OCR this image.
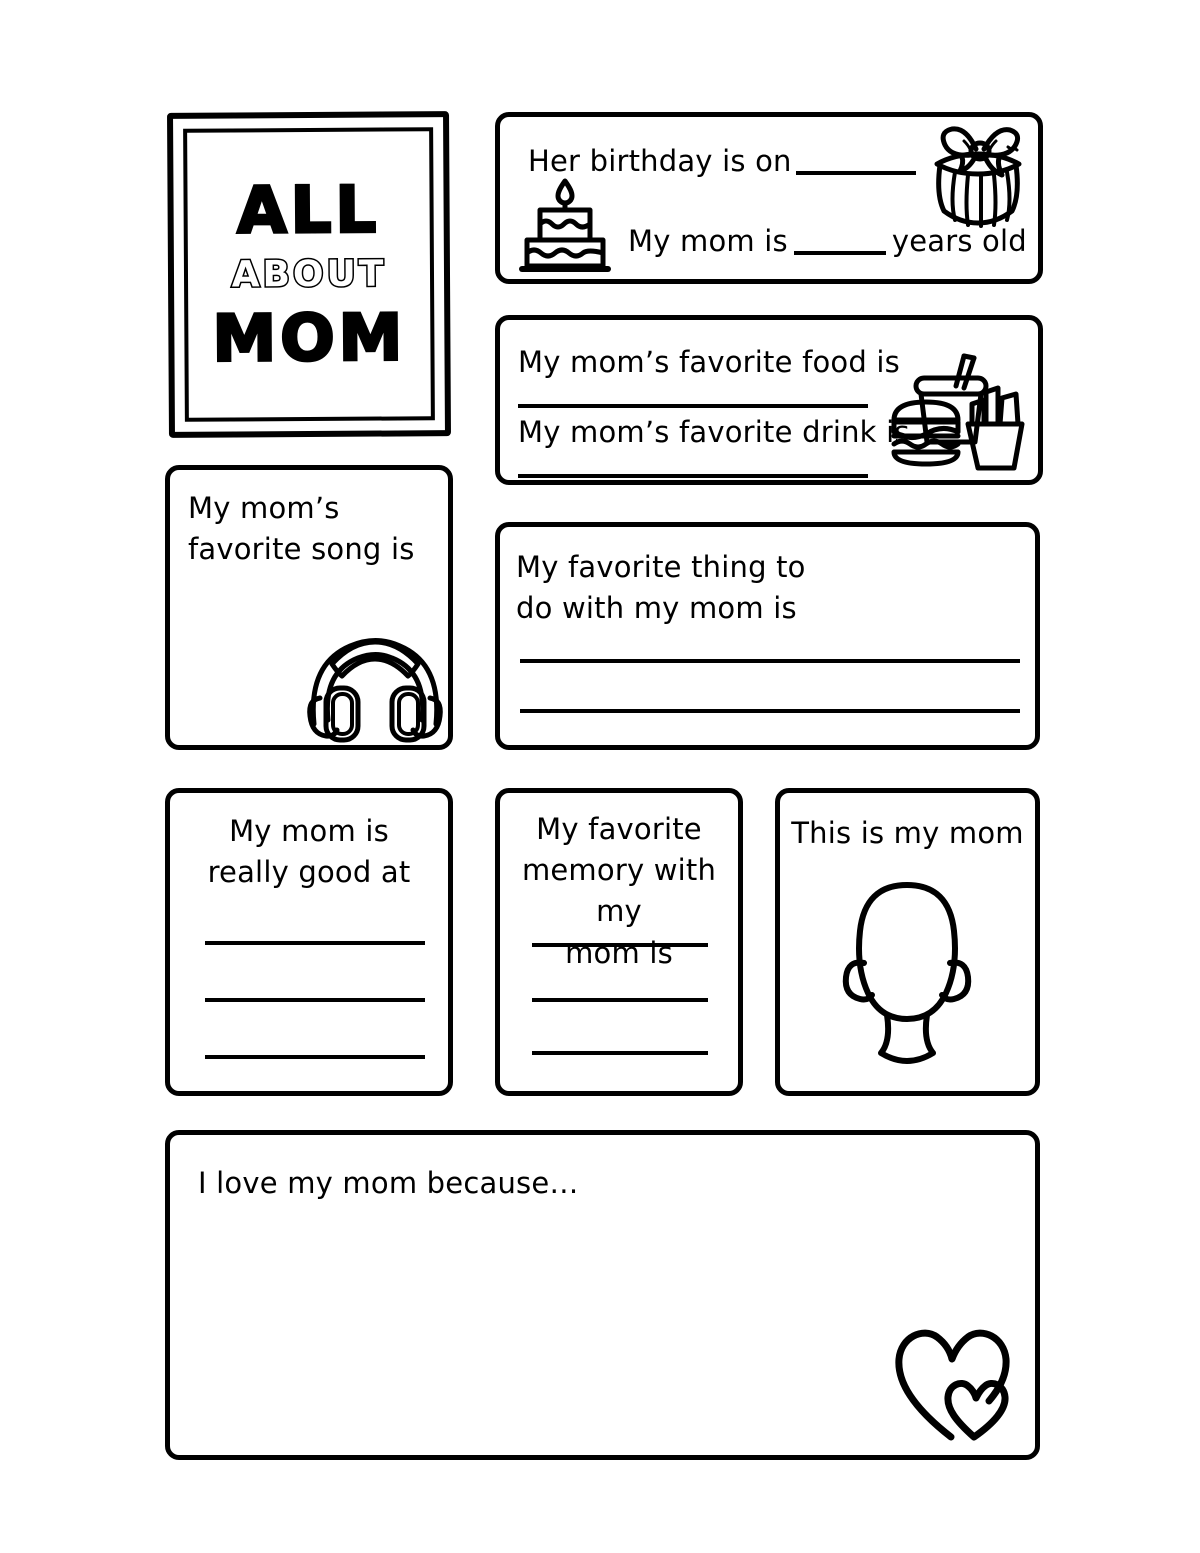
ALL
ABOUT
MOM
Her birthday is on
My mom is	years old
My mom’s favorite food is
My mom’s favorite drink is
My mom’s
favorite song is
My favorite thing to
do with my mom is
My mom is
really good at
My favorite
memory with my
mom is
This is my mom
I love my mom because…
